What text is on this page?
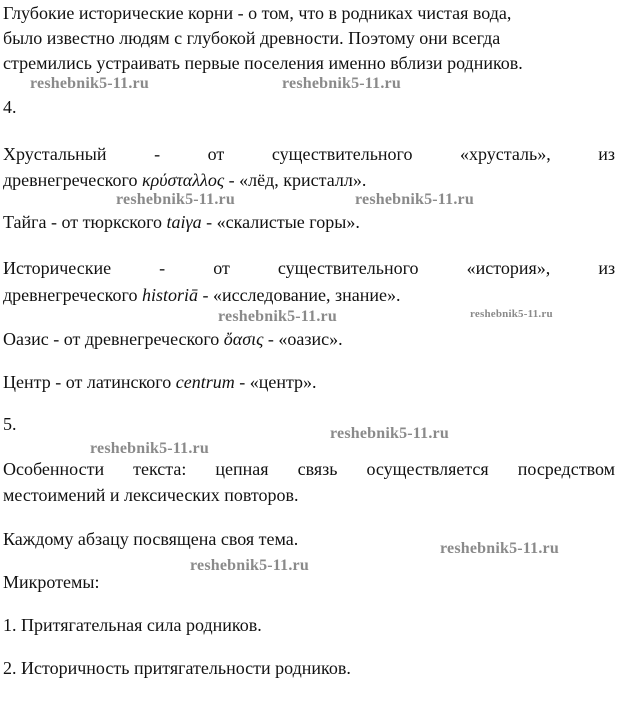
Глубокие исторические корни - о том, что в родниках чистая вода,
было известно людям с глубокой древности. Поэтому они всегда
стремились устраивать первые поселения именно вблизи родников.
4.
Хрустальный	-	от	существительного	«хрусталь»,	из
древнегреческого κρύσταλλος - «лёд, кристалл».
Тайга - от тюркского taiγa - «скалистые горы».
Исторические	-	от	существительного	«история»,	из
древнегреческого historiā - «исследование, знание».
Оазис - от древнегреческого ὄασις - «оазис».
Центр - от латинского centrum - «центр».
5.
Особенности текста: цепная связь осуществляется посредством
местоимений и лексических повторов.
Каждому абзацу посвящена своя тема.
Микротемы:
1. Притягательная сила родников.
2. Историчность притягательности родников.
reshebnik5-11.ru	reshebnik5-11.ru
reshebnik5-11.ru	reshebnik5-11.ru
reshebnik5-11.ru	reshebnik5-11.ru
reshebnik5-11.ru
reshebnik5-11.ru
reshebnik5-11.ru
reshebnik5-11.ru
